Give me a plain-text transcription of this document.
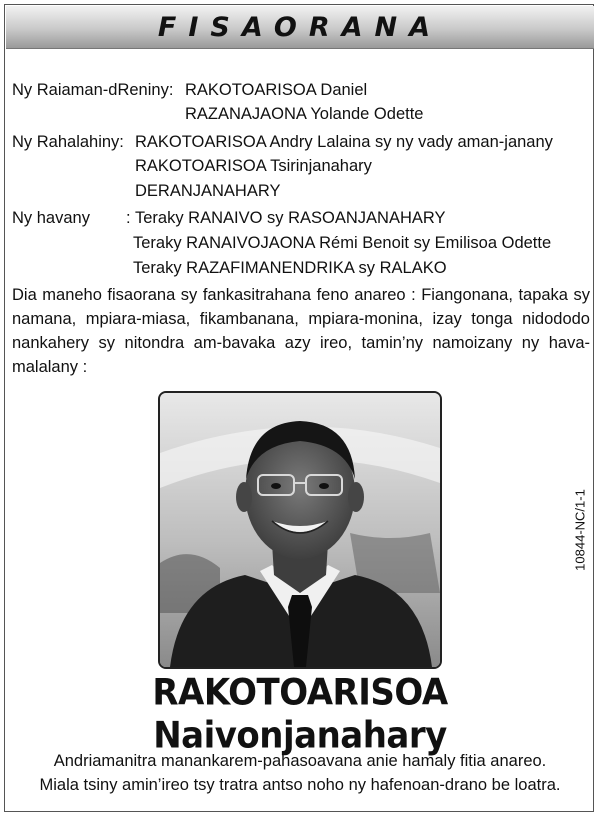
FISAORANA
Ny Raiaman-dReniny: RAKOTOARISOA Daniel
RAZANAJAONA Yolande Odette
Ny Rahalahiny: RAKOTOARISOA Andry Lalaina sy ny vady aman-janany
RAKOTOARISOA Tsirinjanahary
DERANJANAHARY
Ny havany : Teraky RANAIVO sy RASOANJANAHARY
Teraky RANAIVOJAONA Rémi Benoit sy Emilisoa Odette
Teraky RAZAFIMANENDRIKA sy RALAKO
Dia maneho fisaorana sy fankasitrahana feno anareo : Fiangonana, tapaka sy namana, mpiara-miasa, fikambanana, mpiara-monina, izay tonga nidododo nankahery sy nitondra am-bavaka azy ireo, tamin’ny namoizany ny hava-malalany :
10844-NC/1-1
RAKOTOARISOA Naivonjanahary
Andriamanitra manankarem-pahasoavana anie hamaly fitia anareo.
Miala tsiny amin’ireo tsy tratra antso noho ny hafenoan-drano be loatra.
